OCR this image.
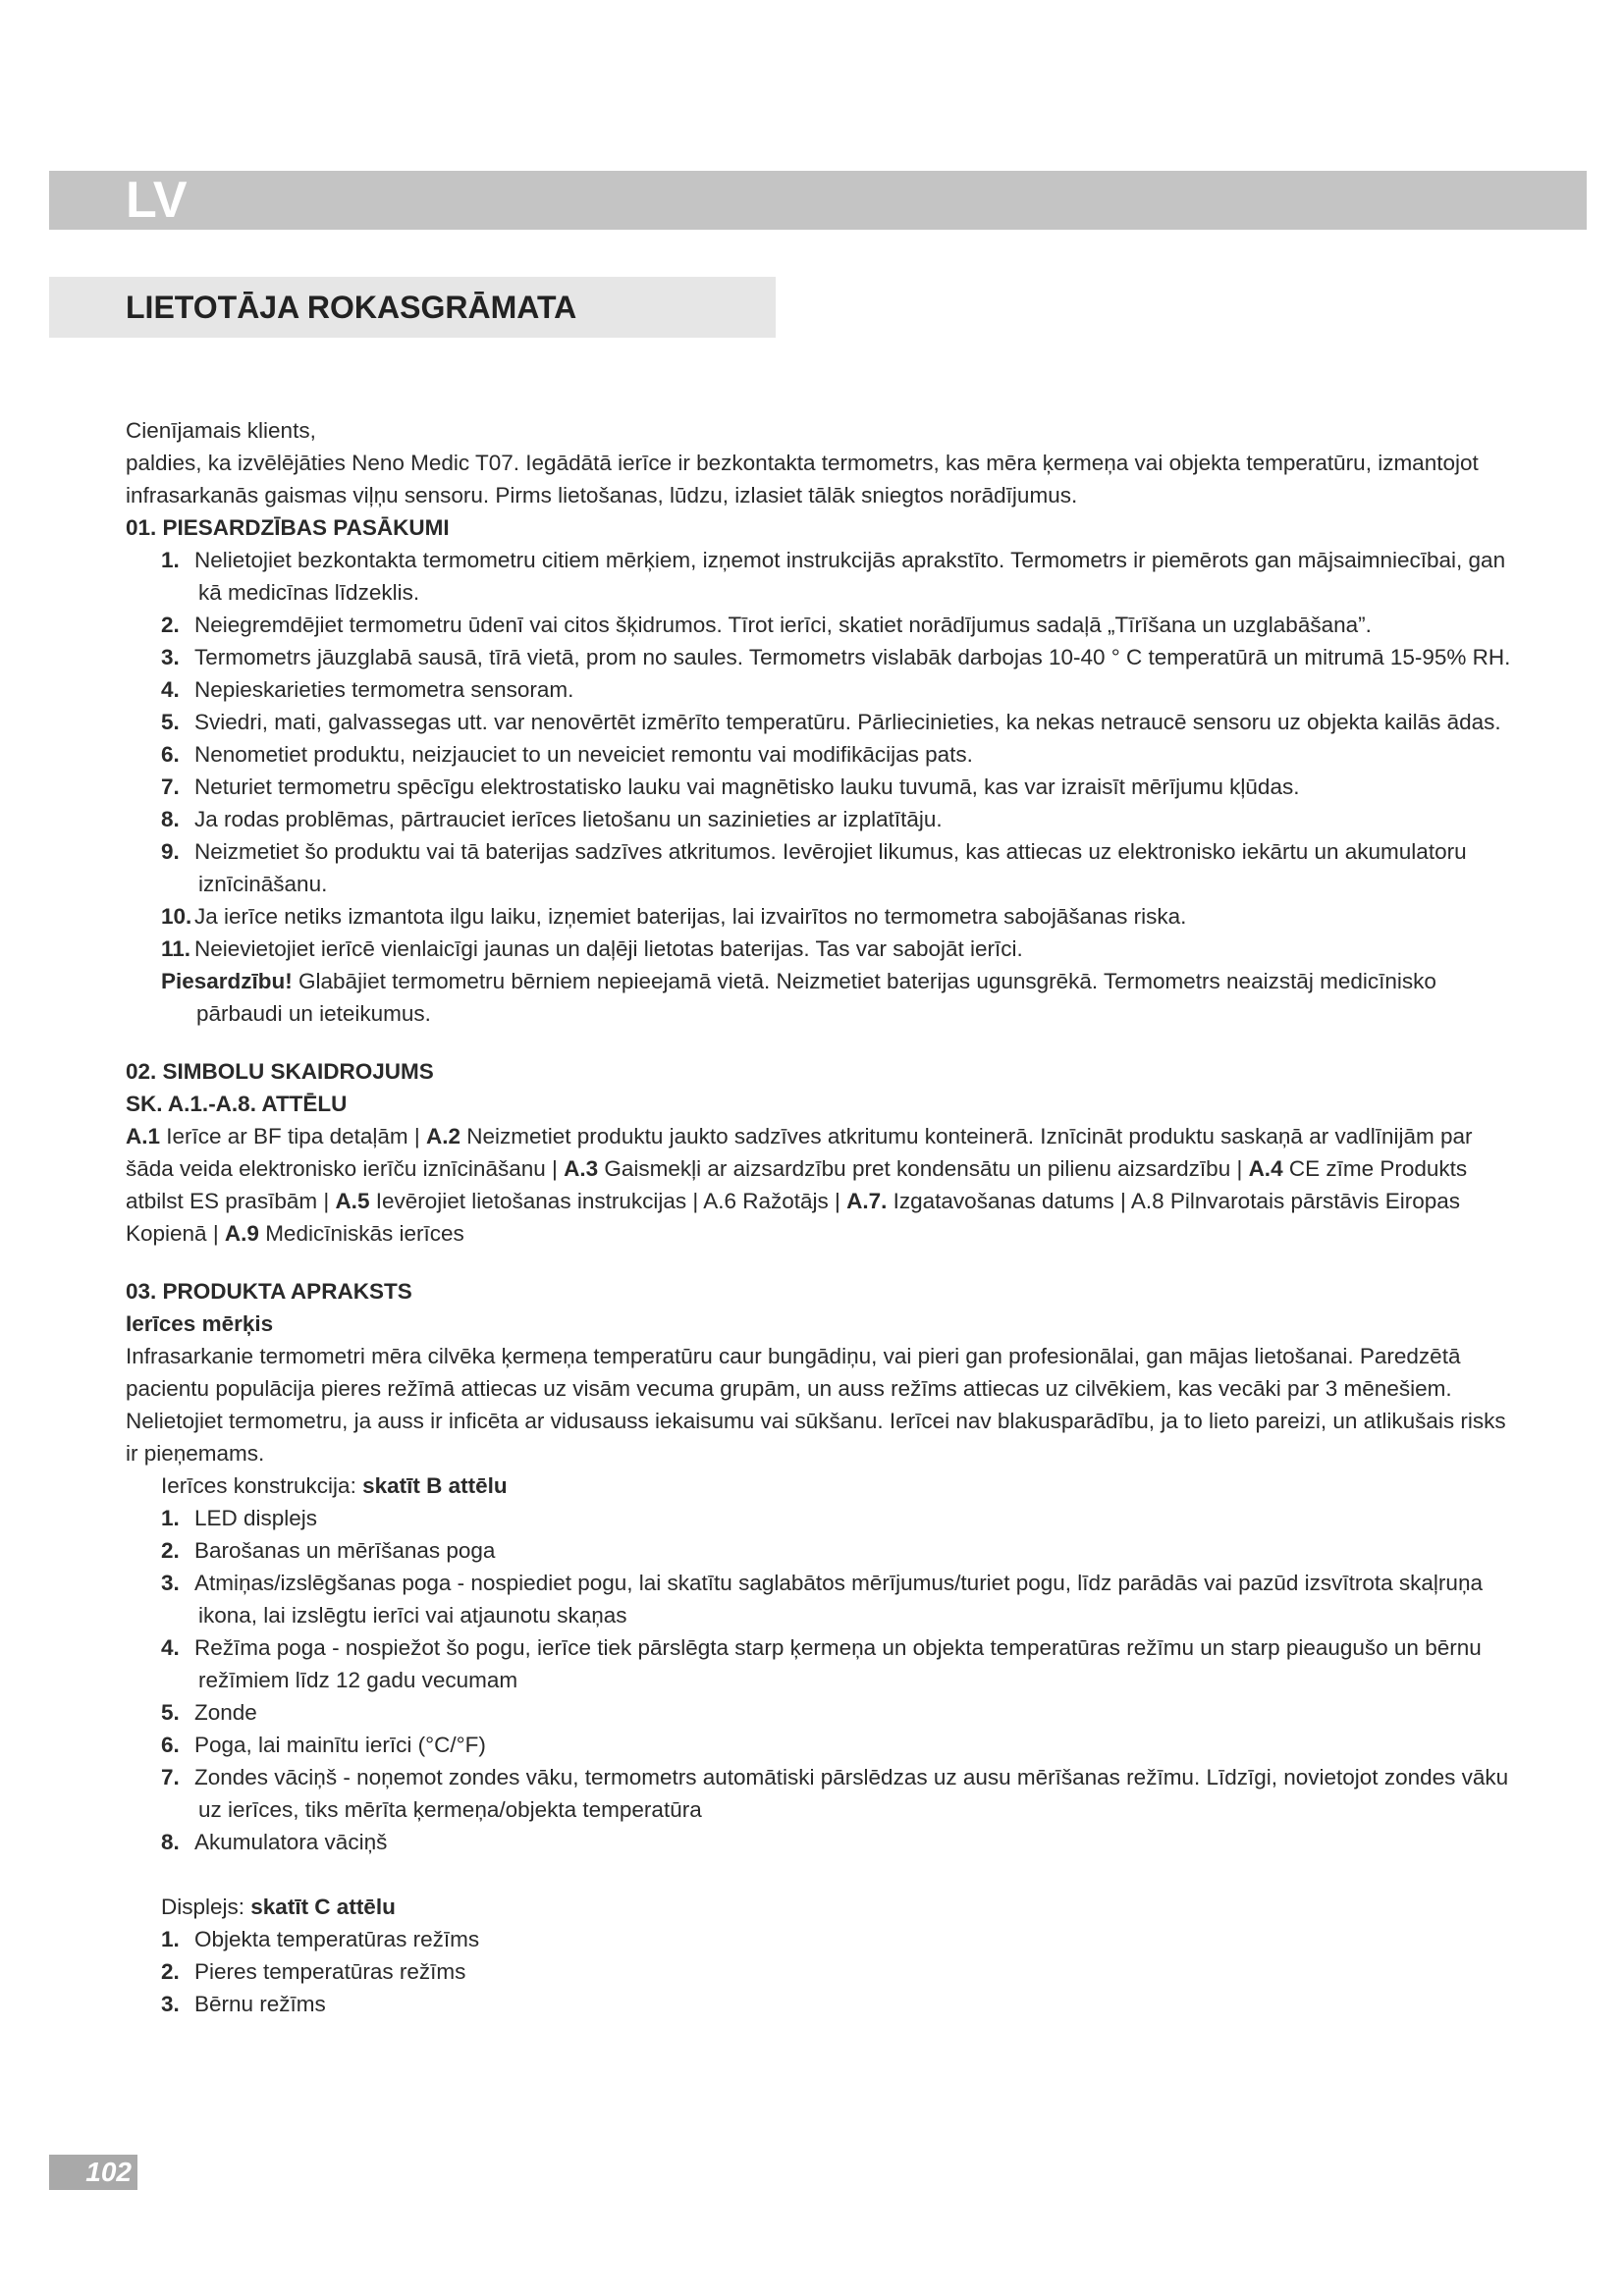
LV
LIETOTĀJA ROKASGRĀMATA

Cienījamais klients,

paldies, ka izvēlējāties Neno Medic T07. Iegādātā ierīce ir bezkontakta termometrs, kas mēra ķermeņa vai objekta temperatūru, izmantojot infrasarkanās gaismas viļņu sensoru. Pirms lietošanas, lūdzu, izlasiet tālāk sniegtos norādījumus.

01. PIESARDZĪBAS PASĀKUMI

1. Nelietojiet bezkontakta termometru citiem mērķiem, izņemot instrukcijās aprakstīto. Termometrs ir piemērots gan mājsaimniecībai, gan kā medicīnas līdzeklis.
2. Neiegremdējiet termometru ūdenī vai citos šķidrumos. Tīrot ierīci, skatiet norādījumus sadaļā „Tīrīšana un uzglabāšana”.
3. Termometrs jāuzglabā sausā, tīrā vietā, prom no saules. Termometrs vislabāk darbojas 10-40 ° C temperatūrā un mitrumā 15-95% RH.
4. Nepieskarieties termometra sensoram.
5. Sviedri, mati, galvassegas utt. var nenovērtēt izmērīto temperatūru. Pārliecinieties, ka nekas netraucē sensoru uz objekta kailās ādas.
6. Nenometiet produktu, neizjauciet to un neveiciet remontu vai modifikācijas pats.
7. Neturiet termometru spēcīgu elektrostatisko lauku vai magnētisko lauku tuvumā, kas var izraisīt mērījumu kļūdas.
8. Ja rodas problēmas, pārtrauciet ierīces lietošanu un sazinieties ar izplatītāju.
9. Neizmetiet šo produktu vai tā baterijas sadzīves atkritumos. Ievērojiet likumus, kas attiecas uz elektronisko iekārtu un akumulatoru iznīcināšanu.
10. Ja ierīce netiks izmantota ilgu laiku, izņemiet baterijas, lai izvairītos no termometra sabojāšanas riska.
11. Neievietojiet ierīcē vienlaicīgi jaunas un daļēji lietotas baterijas. Tas var sabojāt ierīci.

Piesardzību! Glabājiet termometru bērniem nepieejamā vietā. Neizmetiet baterijas ugunsgrēkā. Termometrs neaizstāj medicīnisko pārbaudi un ieteikumus.

02. SIMBOLU SKAIDROJUMS

SK. A.1.-A.8. ATTĒLU

A.1 Ierīce ar BF tipa detaļām | A.2 Neizmetiet produktu jaukto sadzīves atkritumu konteinerā. Iznīcināt produktu saskaņā ar vadlīnijām par šāda veida elektronisko ierīču iznīcināšanu | A.3 Gaismekļi ar aizsardzību pret kondensātu un pilienu aizsardzību | A.4 CE zīme Produkts atbilst ES prasībām | A.5 Ievērojiet lietošanas instrukcijas | A.6 Ražotājs | A.7. Izgatavošanas datums | A.8 Pilnvarotais pārstāvis Eiropas Kopienā | A.9 Medicīniskās ierīces

03. PRODUKTA APRAKSTS

Ierīces mērķis

Infrasarkanie termometri mēra cilvēka ķermeņa temperatūru caur bungādiņu, vai pieri gan profesionālai, gan mājas lietošanai. Paredzētā pacientu populācija pieres režīmā attiecas uz visām vecuma grupām, un auss režīms attiecas uz cilvēkiem, kas vecāki par 3 mēnešiem. Nelietojiet termometru, ja auss ir inficēta ar vidusauss iekaisumu vai sūkšanu. Ierīcei nav blakusparādību, ja to lieto pareizi, un atlikušais risks ir pieņemams.

Ierīces konstrukcija: skatīt B attēlu

1. LED displejs
2. Barošanas un mērīšanas poga
3. Atmiņas/izslēgšanas poga - nospiediet pogu, lai skatītu saglabātos mērījumus/turiet pogu, līdz parādās vai pazūd izsvītrota skaļruņa ikona, lai izslēgtu ierīci vai atjaunotu skaņas
4. Režīma poga - nospiežot šo pogu, ierīce tiek pārslēgta starp ķermeņa un objekta temperatūras režīmu un starp pieaugušo un bērnu režīmiem līdz 12 gadu vecumam
5. Zonde
6. Poga, lai mainītu ierīci (°C/°F)
7. Zondes vāciņš - noņemot zondes vāku, termometrs automātiski pārslēdzas uz ausu mērīšanas režīmu. Līdzīgi, novietojot zondes vāku uz ierīces, tiks mērīta ķermeņa/objekta temperatūra
8. Akumulatora vāciņš

Displejs: skatīt C attēlu

1. Objekta temperatūras režīms
2. Pieres temperatūras režīms
3. Bērnu režīms
102
